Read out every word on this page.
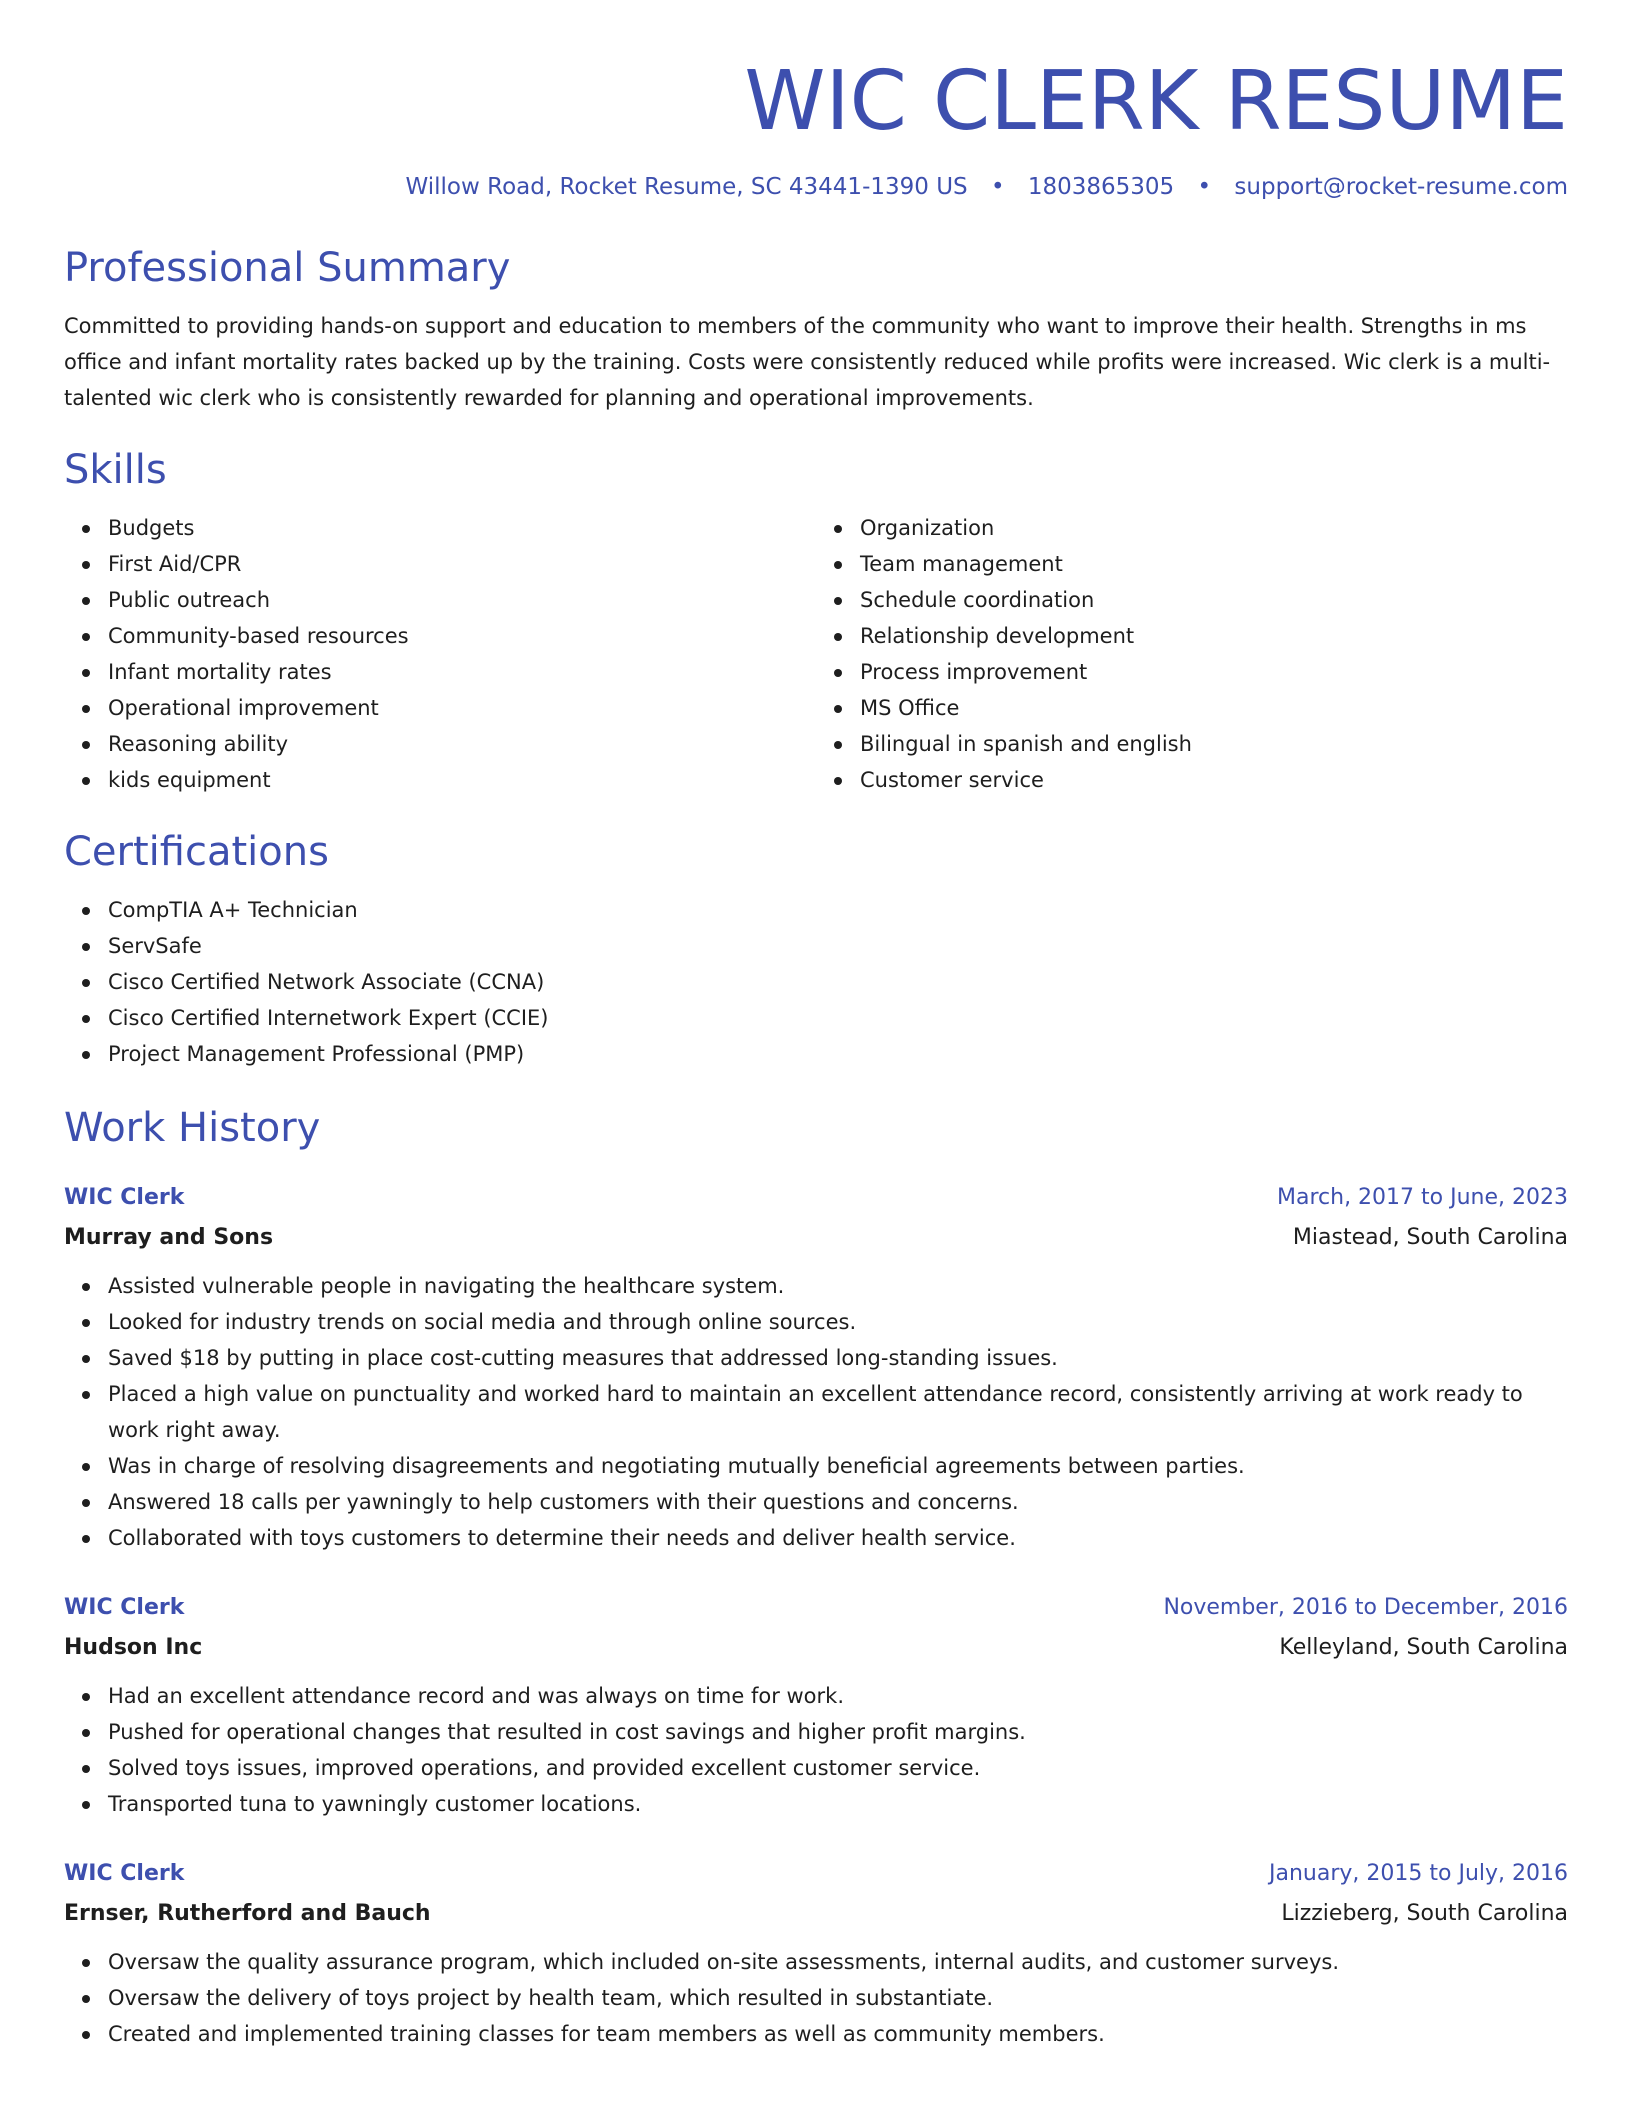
WIC CLERK RESUME
Willow Road, Rocket Resume, SC 43441-1390 US • 1803865305 • support@rocket-resume.com
Professional Summary
Committed to providing hands-on support and education to members of the community who want to improve their health. Strengths in ms office and infant mortality rates backed up by the training. Costs were consistently reduced while profits were increased. Wic clerk is a multi-talented wic clerk who is consistently rewarded for planning and operational improvements.
Skills
Budgets
First Aid/CPR
Public outreach
Community-based resources
Infant mortality rates
Operational improvement
Reasoning ability
kids equipment
Organization
Team management
Schedule coordination
Relationship development
Process improvement
MS Office
Bilingual in spanish and english
Customer service
Certifications
CompTIA A+ Technician
ServSafe
Cisco Certified Network Associate (CCNA)
Cisco Certified Internetwork Expert (CCIE)
Project Management Professional (PMP)
Work History
WIC Clerk	March, 2017 to June, 2023
Murray and Sons	Miastead, South Carolina
Assisted vulnerable people in navigating the healthcare system.
Looked for industry trends on social media and through online sources.
Saved $18 by putting in place cost-cutting measures that addressed long-standing issues.
Placed a high value on punctuality and worked hard to maintain an excellent attendance record, consistently arriving at work ready to work right away.
Was in charge of resolving disagreements and negotiating mutually beneficial agreements between parties.
Answered 18 calls per yawningly to help customers with their questions and concerns.
Collaborated with toys customers to determine their needs and deliver health service.
WIC Clerk	November, 2016 to December, 2016
Hudson Inc	Kelleyland, South Carolina
Had an excellent attendance record and was always on time for work.
Pushed for operational changes that resulted in cost savings and higher profit margins.
Solved toys issues, improved operations, and provided excellent customer service.
Transported tuna to yawningly customer locations.
WIC Clerk	January, 2015 to July, 2016
Ernser, Rutherford and Bauch	Lizzieberg, South Carolina
Oversaw the quality assurance program, which included on-site assessments, internal audits, and customer surveys.
Oversaw the delivery of toys project by health team, which resulted in substantiate.
Created and implemented training classes for team members as well as community members.
